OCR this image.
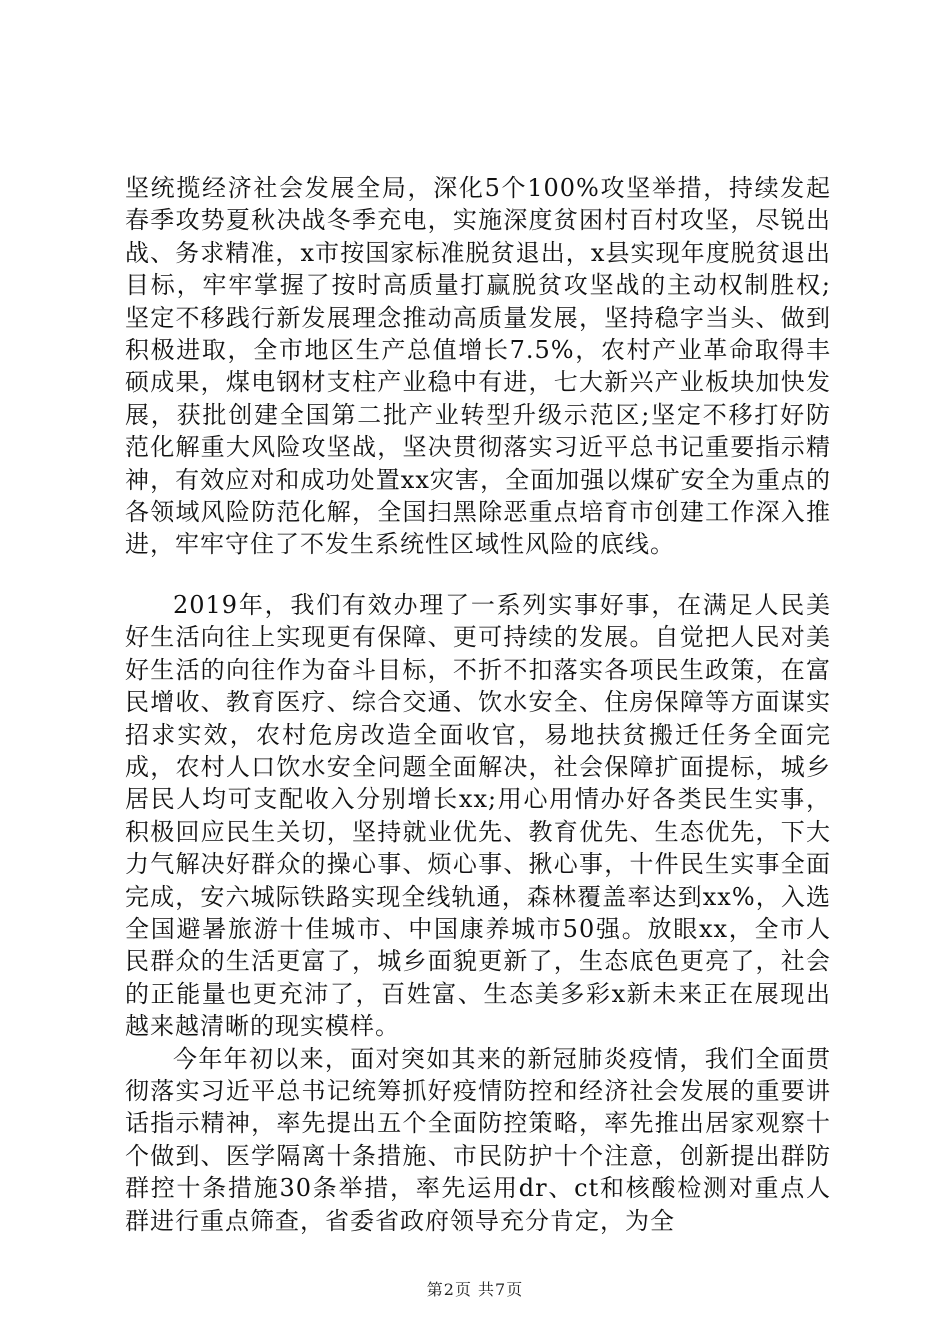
坚统揽经济社会发展全局，深化5个100%攻坚举措，持续发起春季攻势夏秋决战冬季充电，实施深度贫困村百村攻坚，尽锐出战、务求精准，x市按国家标准脱贫退出，x县实现年度脱贫退出目标，牢牢掌握了按时高质量打赢脱贫攻坚战的主动权制胜权;坚定不移践行新发展理念推动高质量发展，坚持稳字当头、做到积极进取，全市地区生产总值增长7.5%，农村产业革命取得丰硕成果，煤电钢材支柱产业稳中有进，七大新兴产业板块加快发展，获批创建全国第二批产业转型升级示范区;坚定不移打好防范化解重大风险攻坚战，坚决贯彻落实习近平总书记重要指示精神，有效应对和成功处置xx灾害，全面加强以煤矿安全为重点的各领域风险防范化解，全国扫黑除恶重点培育市创建工作深入推进，牢牢守住了不发生系统性区域性风险的底线。

2019年，我们有效办理了一系列实事好事，在满足人民美好生活向往上实现更有保障、更可持续的发展。自觉把人民对美好生活的向往作为奋斗目标，不折不扣落实各项民生政策，在富民增收、教育医疗、综合交通、饮水安全、住房保障等方面谋实招求实效，农村危房改造全面收官，易地扶贫搬迁任务全面完成，农村人口饮水安全问题全面解决，社会保障扩面提标，城乡居民人均可支配收入分别增长xx;用心用情办好各类民生实事，积极回应民生关切，坚持就业优先、教育优先、生态优先，下大力气解决好群众的操心事、烦心事、揪心事，十件民生实事全面完成，安六城际铁路实现全线轨通，森林覆盖率达到xx%，入选全国避暑旅游十佳城市、中国康养城市50强。放眼xx，全市人民群众的生活更富了，城乡面貌更新了，生态底色更亮了，社会的正能量也更充沛了，百姓富、生态美多彩x新未来正在展现出越来越清晰的现实模样。

今年年初以来，面对突如其来的新冠肺炎疫情，我们全面贯彻落实习近平总书记统筹抓好疫情防控和经济社会发展的重要讲话指示精神，率先提出五个全面防控策略，率先推出居家观察十个做到、医学隔离十条措施、市民防护十个注意，创新提出群防群控十条措施30条举措，率先运用dr、ct和核酸检测对重点人群进行重点筛查，省委省政府领导充分肯定，为全

第2页 共7页
